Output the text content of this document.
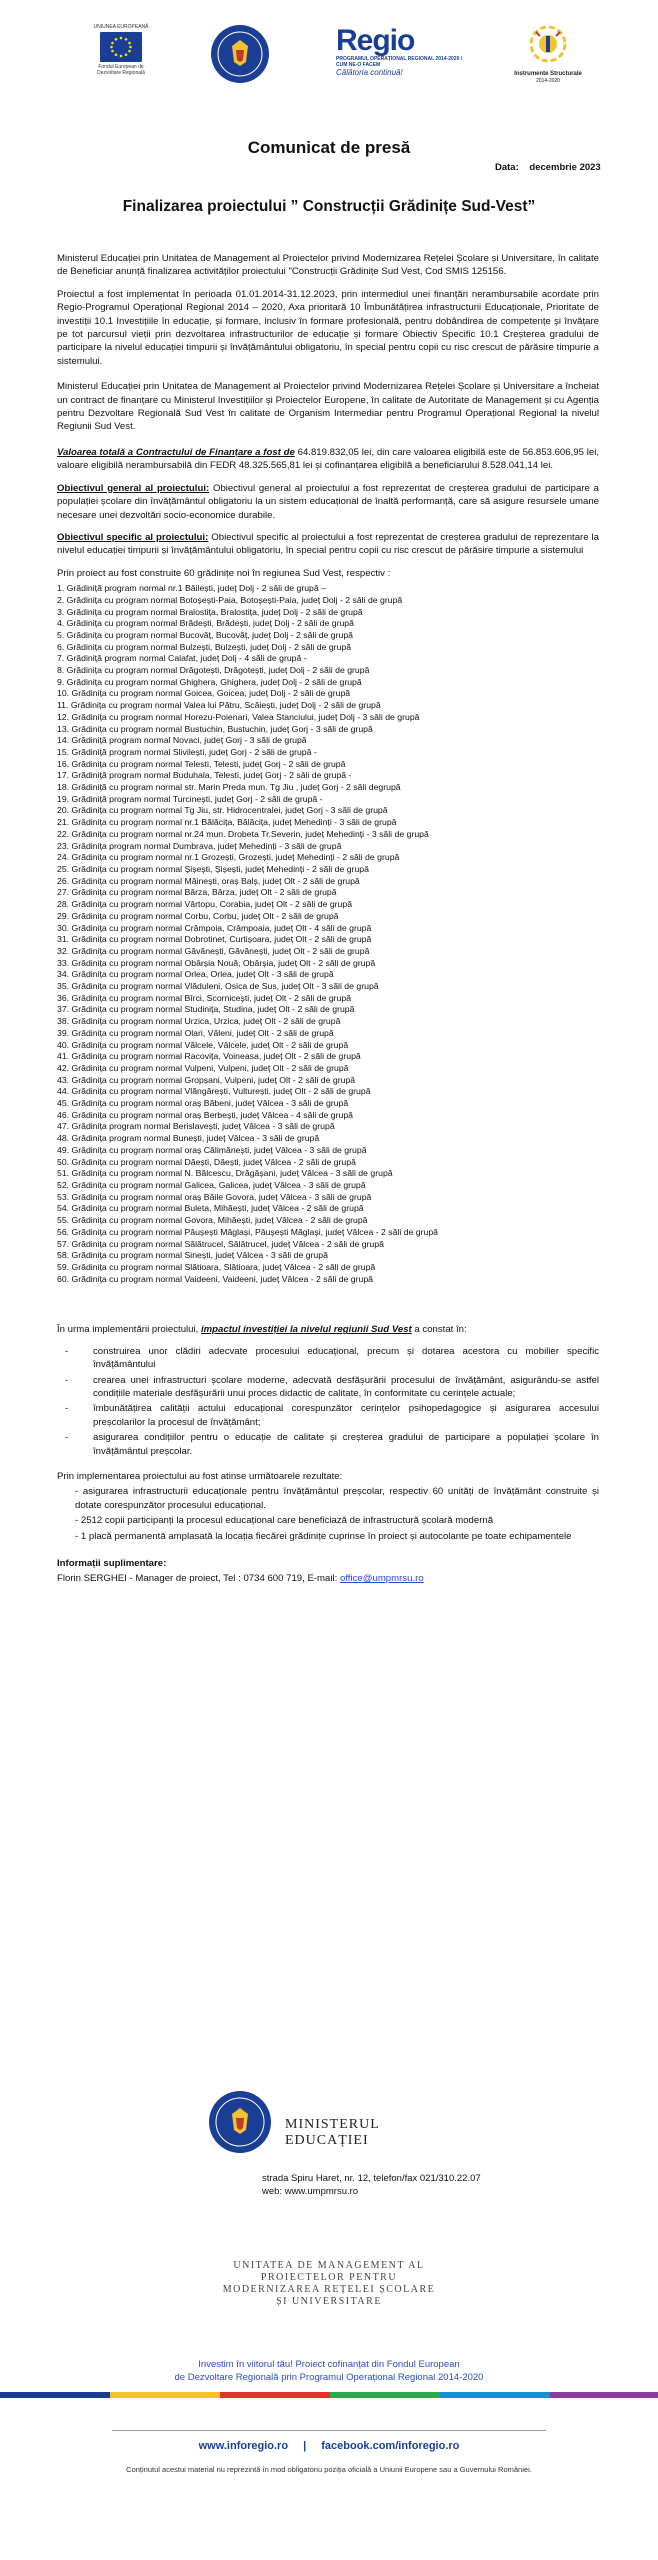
UNIUNEA EUROPEANĂ
Fondul European de Dezvoltare Regională
Regio
PROGRAMUL OPERAȚIONAL REGIONAL 2014-2020 / CUM NE-O FACEM
Călătoria continuă!	Instrumente Structurale
2014-2020
Comunicat de presă
Data: decembrie 2023
Finalizarea proiectului ” Construcții Grădinițe Sud-Vest”

Ministerul Educației prin Unitatea de Management al Proiectelor privind Modernizarea Rețelei Școlare și Universitare, în calitate de Beneficiar anunță finalizarea activităților proiectului "Construcții Grădinițe Sud Vest, Cod SMIS 125156.

Proiectul a fost implementat în perioada 01.01.2014-31.12.2023, prin intermediul unei finanțări nerambursabile acordate prin Regio-Programul Operațional Regional 2014 – 2020, Axa prioritară 10 Îmbunătățirea infrastructurii Educaționale, Prioritate de investiții 10.1 Investițiile în educație, și formare, inclusiv în formare profesională, pentru dobândirea de competențe și învățare pe tot parcursul vieții prin dezvoltarea infrastructurilor de educație și formare Obiectiv Specific 10.1 Creșterea gradului de participare la nivelul educației timpurii și învățământului obligatoriu, în special pentru copii cu risc crescut de părăsire timpurie a sistemului.

Ministerul Educației prin Unitatea de Management al Proiectelor privind Modernizarea Rețelei Școlare și Universitare a încheiat un contract de finanțare cu Ministerul Investițiilor și Proiectelor Europene, în calitate de Autoritate de Management și cu Agenția pentru Dezvoltare Regională Sud Vest în calitate de Organism Intermediar pentru Programul Operațional Regional la nivelul Regiunii Sud Vest.

Valoarea totală a Contractului de Finanțare a fost de 64.819.832,05 lei, din care valoarea eligibilă este de 56.853.606,95 lei, valoare eligibilă nerambursabilă din FEDR 48.325.565,81 lei și cofinanțarea eligibilă a beneficiarului 8.528.041,14 lei.

Obiectivul general al proiectului: Obiectivul general al proiectului a fost reprezentat de creșterea gradului de participare a populației școlare din învățământul obligatoriu la un sistem educațional de înaltă performanță, care să asigure resursele umane necesare unei dezvoltări socio-economice durabile.

Obiectivul specific al proiectului: Obiectivul specific al proiectului a fost reprezentat de creșterea gradului de reprezentare la nivelul educației timpurii și învățământului obligatoriu, în special pentru copii cu risc crescut de părăsire timpurie a sistemului

Prin proiect au fost construite 60 grădinițe noi în regiunea Sud Vest, respectiv :

1. Grădiniță program normal nr.1 Băilești, județ Dolj - 2 săli de grupă –
2. Grădinița cu program normal Botoșești-Paia, Botoșești-Paia, județ Dolj - 2 săli de grupă
3. Grădinița cu program normal Bralostița, Bralostița, județ Dolj - 2 săli de grupă
4. Grădinița cu program normal Brădești, Brădești, județ Dolj - 2 săli de grupă
5. Grădinița cu program normal Bucovăț, Bucovăț, județ Dolj - 2 săli de grupă
6. Grădinița cu program normal Bulzești, Bulzești, județ Dolj - 2 săli de grupă
7. Grădiniță program normal Calafat, județ Dolj - 4 săli de grupă -
8. Grădinița cu program normal Drăgotești, Drăgotești, județ Dolj - 2 săli de grupă
9. Grădinița cu program normal Ghighera, Ghighera, județ Dolj - 2 săli de grupă
10. Grădinița cu program normal Goicea, Goicea, județ Dolj - 2 săli de grupă
11. Grădinița cu program normal Valea lui Pătru, Scăiești, județ Dolj - 2 săli de grupă
12. Grădinița cu program normal Horezu-Poienari, Valea Stanciului, județ Dolj - 3 săli de grupă
13. Grădinița cu program normal Bustuchin, Bustuchin, județ Gorj - 3 săli de grupă
14. Grădiniță program normal Novaci, județ Gorj - 3 săli de grupă
15. Grădiniță program normal Slivilești, județ Gorj - 2 săli de grupă -
16. Grădinița cu program normal Telesti, Telesti, județ Gorj - 2 săli de grupă
17. Grădiniță program normal Buduhala, Telesti, județ Gorj - 2 săli de grupă -
18. Grădiniță cu program normal str. Marin Preda mun. Tg Jiu , județ Gorj - 2 săli degrupă
19. Grădiniță program normal Turcinești, județ Gorj - 2 săli de grupă -
20. Grădinița cu program normal Tg Jiu, str. Hidrocentralei, județ Gorj - 3 săli de grupă
21. Grădinița cu program normal nr.1 Bălăcița, Bălăcița, județ Mehedinți - 3 săli de grupă
22. Grădinița cu program normal nr.24 mun. Drobeta Tr.Severin, județ Mehedinți - 3 săli de grupă
23. Grădinița program normal Dumbrava, județ Mehedinți - 3 săli de grupă
24. Grădinița cu program normal nr.1 Grozești, Grozești, județ Mehedinți - 2 săli de grupă
25. Grădinița cu program normal Șișești, Șișești, județ Mehedinți - 2 săli de grupă
26. Grădinița cu program normal Măinești, oraș Balș, județ Olt - 2 săli de grupă
27. Grădinița cu program normal Bârza, Bârza, județ Olt - 2 săli de grupă
28. Grădinița cu program normal Vârtopu, Corabia, județ Olt - 2 săli de grupă
29. Grădinița cu program normal Corbu, Corbu, județ Olt - 2 săli de grupă
30. Grădinița cu program normal Crâmpoia, Crâmpoaia, județ Olt - 4 săli de grupă
31. Grădinița cu program normal Dobrotinet, Curtișoara, județ Olt - 2 săli de grupă
32. Grădinița cu program normal Găvănești, Găvănești, județ Olt - 2 săli de grupă
33. Grădinița cu program normal Obârșia Nouă, Obârșia, județ Olt - 2 săli de grupă
34. Grădinița cu program normal Orlea, Orlea, județ Olt - 3 săli de grupă
35. Grădinița cu program normal Vlăduleni, Osica de Sus, județ Olt - 3 săli de grupă
36. Grădinița cu program normal Bîrci, Scornicești, județ Olt - 2 săli de grupă
37. Grădinița cu program normal Studinița, Studina, județ Olt - 2 săli de grupă
38. Grădinița cu program normal Urzica, Urzica, județ Olt - 2 săli de grupă
39. Grădinița cu program normal Olari, Văleni, județ Olt - 2 săli de grupă
40. Grădinița cu program normal Vâlcele, Vâlcele, județ Olt - 2 săli de grupă
41. Grădinița cu program normal Racovița, Voineasa, județ Olt - 2 săli de grupă
42. Grădinița cu program normal Vulpeni, Vulpeni, județ Olt - 2 săli de grupă
43. Grădinița cu program normal Gropșani, Vulpeni, județ Olt - 2 săli de grupă
44. Grădinița cu program normal Vlăngărești, Vulturești, județ Olt - 2 săli de grupă
45. Grădinița cu program normal oraș Băbeni, județ Vâlcea - 3 săli de grupă
46. Grădinița cu program normal oraș Berbești, județ Vâlcea - 4 săli de grupă
47. Grădinița program normal Berislavești, județ Vâlcea - 3 săli de grupă
48. Grădinița program normal Bunești, județ Vâlcea - 3 săli de grupă
49. Grădinița cu program normal oraș Călimănești, județ Vâlcea - 3 săli de grupă
50. Grădinița cu program normal Dăești, Dăești, județ Vâlcea - 2 săli de grupă
51. Grădinița cu program normal N. Bălcescu, Drăgășani, județ Vâlcea - 3 săli de grupă
52. Grădinița cu program normal Galicea, Galicea, județ Vâlcea - 3 săli de grupă
53. Grădinița cu program normal oraș Băile Govora, județ Vâlcea - 3 săli de grupă
54. Grădinița cu program normal Buleta, Mihăești, județ Vâlcea - 2 săli de grupă
55. Grădinița cu program normal Govora, Mihăești, județ Vâlcea - 2 săli de grupă
56. Grădinița cu program normal Păușești Măglași, Păușești Măglași, județ Vâlcea - 2 săli de grupă
57. Grădinița cu program normal Sălătrucel, Sălătrucel, județ Vâlcea - 2 săli de grupă
58. Grădinița cu program normal Sinești, județ Vâlcea - 3 săli de grupă
59. Grădinița cu program normal Slătioara, Slătioara, județ Vâlcea - 2 săli de grupă
60. Grădinița cu program normal Vaideeni, Vaideeni, județ Vâlcea - 2 săli de grupă

În urma implementării proiectului, impactul investiției la nivelul regiunii Sud Vest a constat în:

- construirea unor clădiri adecvate procesului educațional, precum și dotarea acestora cu mobilier specific învățământului
- crearea unei infrastructuri școlare moderne, adecvată desfășurării procesului de învățământ, asigurându-se astfel condițiile materiale desfășurării unui proces didactic de calitate, în conformitate cu cerințele actuale;
- îmbunătățirea calității actului educațional corespunzător cerințelor psihopedagogice și asigurarea accesului preșcolarilor la procesul de învățământ;
- asigurarea condițiilor pentru o educație de calitate și creșterea gradului de participare a populației școlare în învățământul preșcolar.

Prin implementarea proiectului au fost atinse următoarele rezultate:

- asigurarea infrastructurii educaționale pentru învățământul preșcolar, respectiv 60 unități de învățământ construite și dotate corespunzător procesului educațional.
- 2512 copii participanți la procesul educațional care beneficiază de infrastructură școlară modernă
- 1 placă permanentă amplasată la locația fiecărei grădinițe cuprinse în proiect și autocolante pe toate echipamentele

Informații suplimentare:

Florin SERGHEI - Manager de proiect, Tel : 0734 600 719, E-mail: office@umpmrsu.ro

MINISTERUL EDUCAȚIEI
strada Spiru Haret, nr. 12, telefon/fax 021/310.22.07
web: www.umpmrsu.ro
UNITATEA DE MANAGEMENT AL
PROIECTELOR PENTRU
MODERNIZAREA REȚELEI ȘCOLARE
ȘI UNIVERSITARE
Investim în viitorul tău! Proiect cofinanțat din Fondul European
de Dezvoltare Regională prin Programul Operațional Regional 2014-2020
www.inforegio.ro | facebook.com/inforegio.ro
Conținutul acestui material nu reprezintă în mod obligatoriu poziția oficială a Uniunii Europene sau a Guvernului României.
